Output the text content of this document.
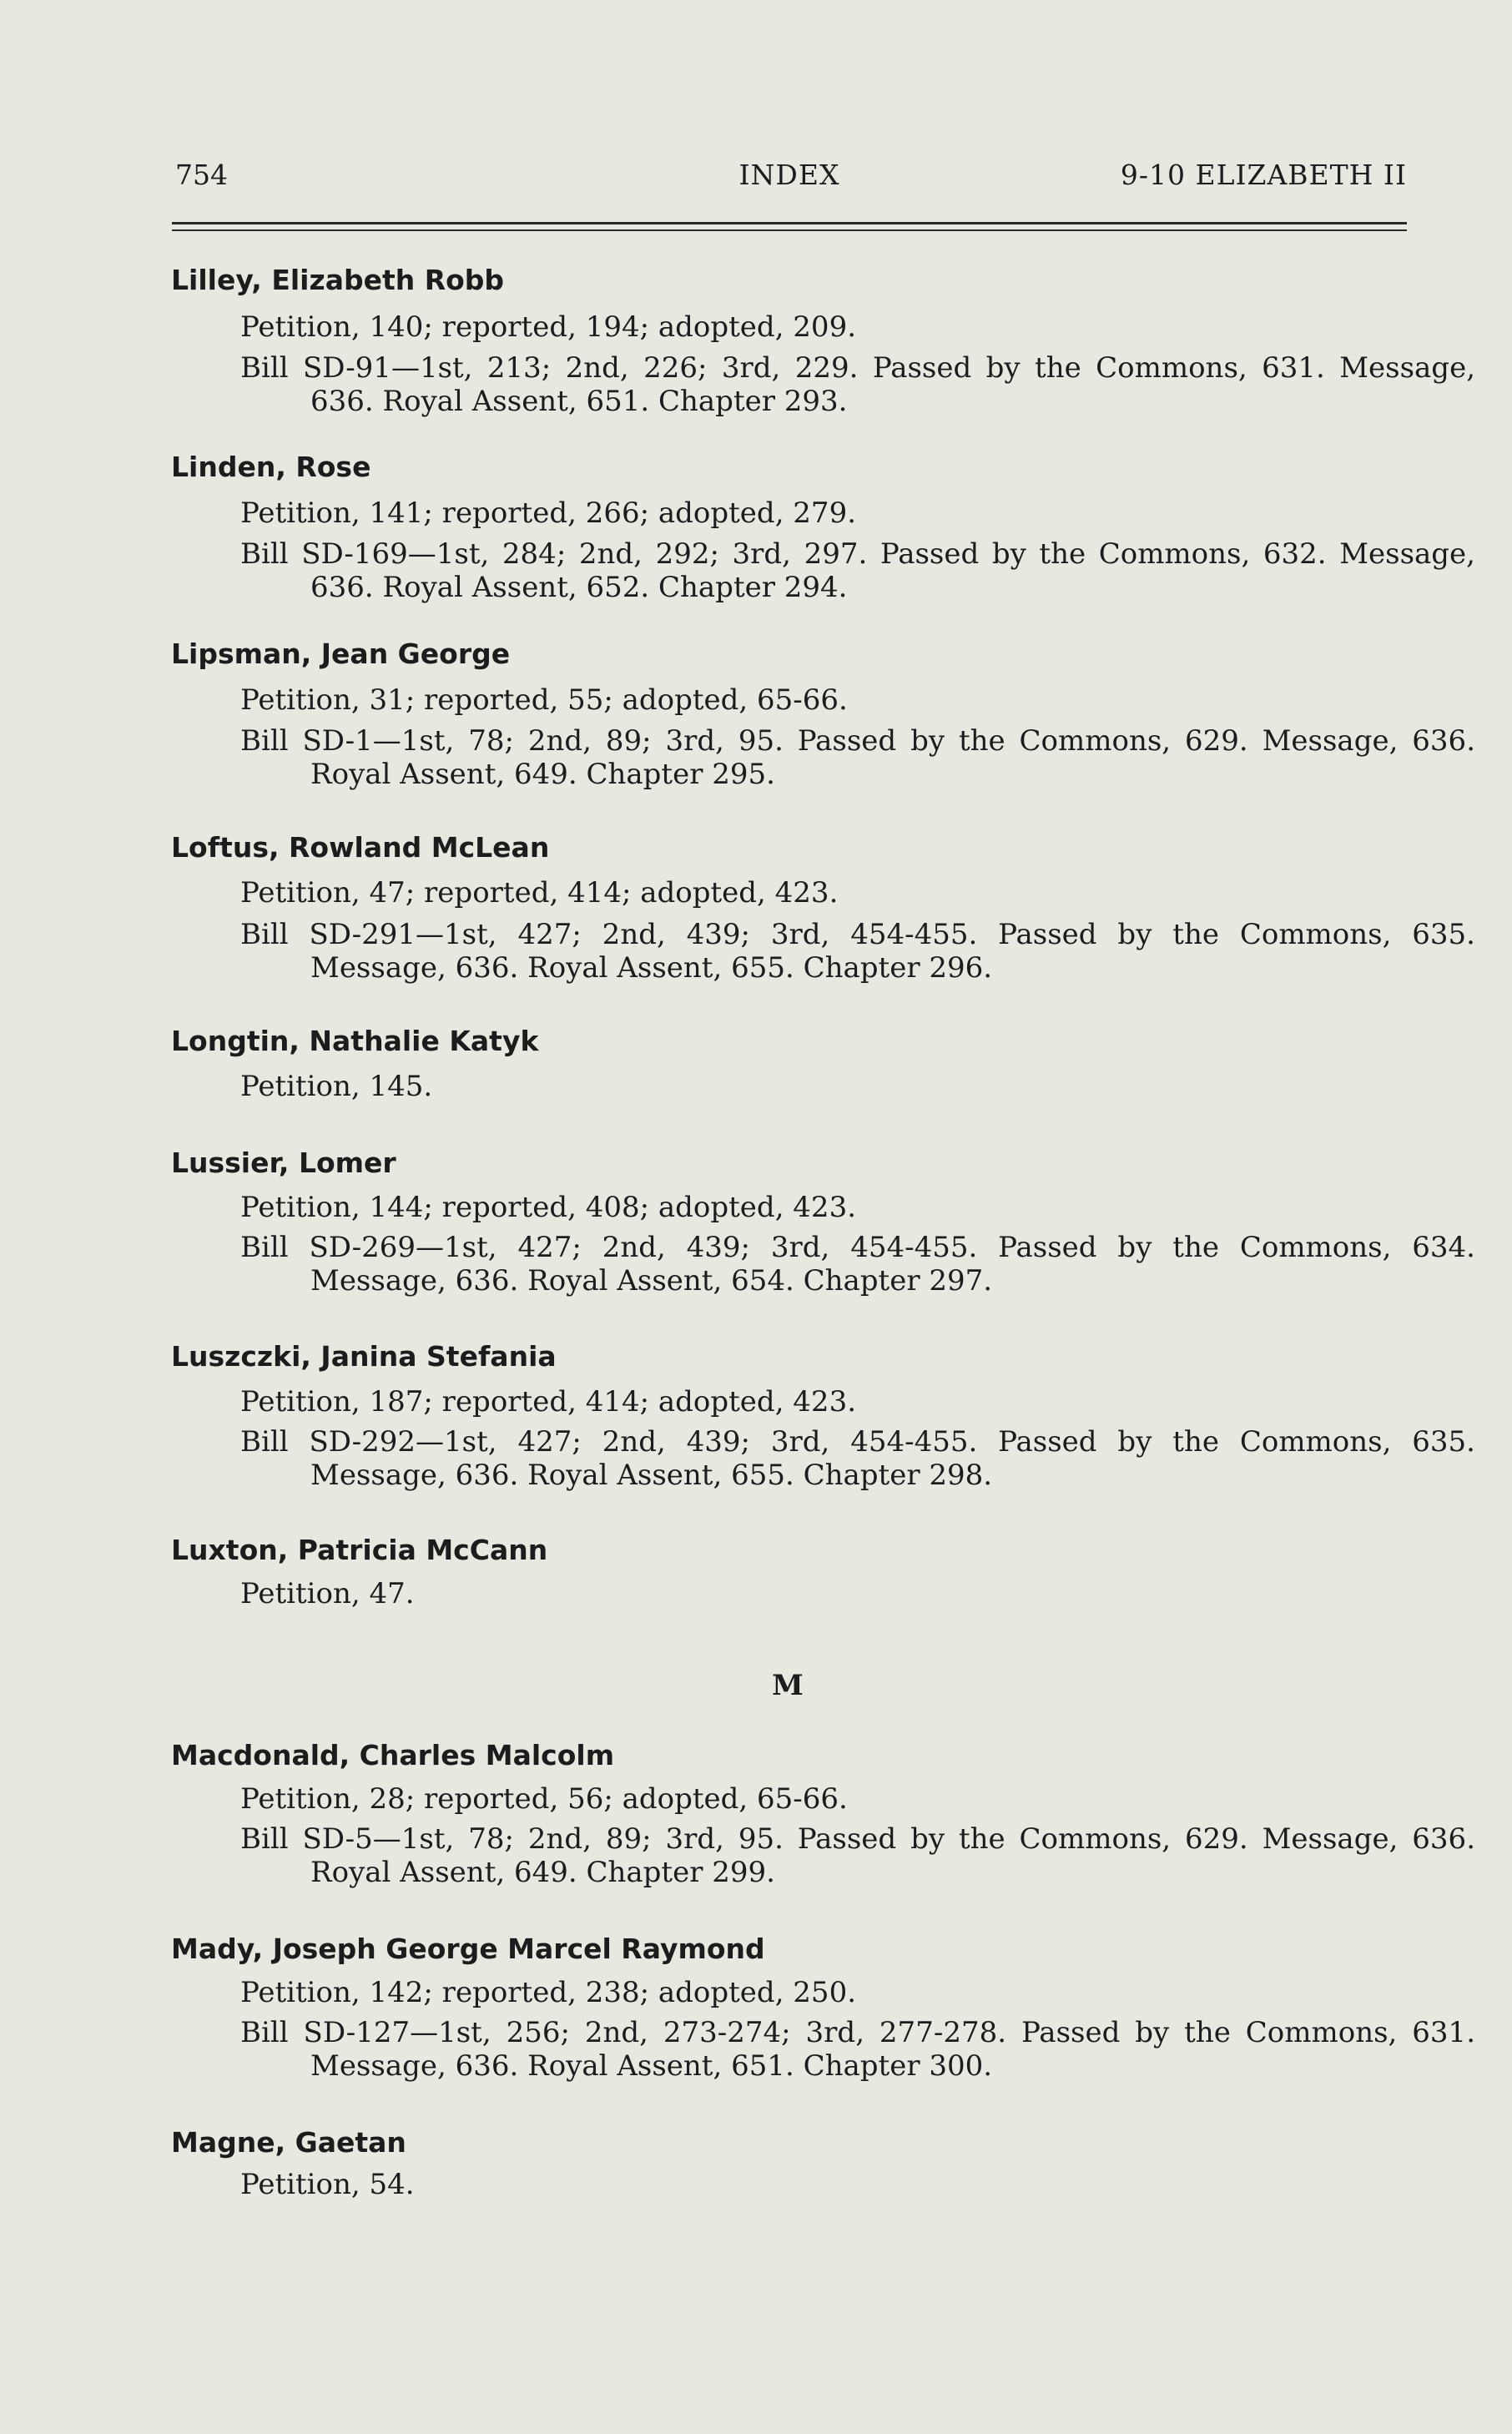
754	INDEX	9-10 ELIZABETH II
Lilley, Elizabeth Robb
Petition, 140; reported, 194; adopted, 209.
Bill SD-91—1st, 213; 2nd, 226; 3rd, 229. Passed by the Commons, 631. Message, 636. Royal Assent, 651. Chapter 293.
Linden, Rose
Petition, 141; reported, 266; adopted, 279.
Bill SD-169—1st, 284; 2nd, 292; 3rd, 297. Passed by the Commons, 632. Message, 636. Royal Assent, 652. Chapter 294.
Lipsman, Jean George
Petition, 31; reported, 55; adopted, 65-66.
Bill SD-1—1st, 78; 2nd, 89; 3rd, 95. Passed by the Commons, 629. Message, 636. Royal Assent, 649. Chapter 295.
Loftus, Rowland McLean
Petition, 47; reported, 414; adopted, 423.
Bill SD-291—1st, 427; 2nd, 439; 3rd, 454-455. Passed by the Commons, 635. Message, 636. Royal Assent, 655. Chapter 296.
Longtin, Nathalie Katyk
Petition, 145.
Lussier, Lomer
Petition, 144; reported, 408; adopted, 423.
Bill SD-269—1st, 427; 2nd, 439; 3rd, 454-455. Passed by the Commons, 634. Message, 636. Royal Assent, 654. Chapter 297.
Luszczki, Janina Stefania
Petition, 187; reported, 414; adopted, 423.
Bill SD-292—1st, 427; 2nd, 439; 3rd, 454-455. Passed by the Commons, 635. Message, 636. Royal Assent, 655. Chapter 298.
Luxton, Patricia McCann
Petition, 47.
M
Macdonald, Charles Malcolm
Petition, 28; reported, 56; adopted, 65-66.
Bill SD-5—1st, 78; 2nd, 89; 3rd, 95. Passed by the Commons, 629. Message, 636. Royal Assent, 649. Chapter 299.
Mady, Joseph George Marcel Raymond
Petition, 142; reported, 238; adopted, 250.
Bill SD-127—1st, 256; 2nd, 273-274; 3rd, 277-278. Passed by the Commons, 631. Message, 636. Royal Assent, 651. Chapter 300.
Magne, Gaetan
Petition, 54.
